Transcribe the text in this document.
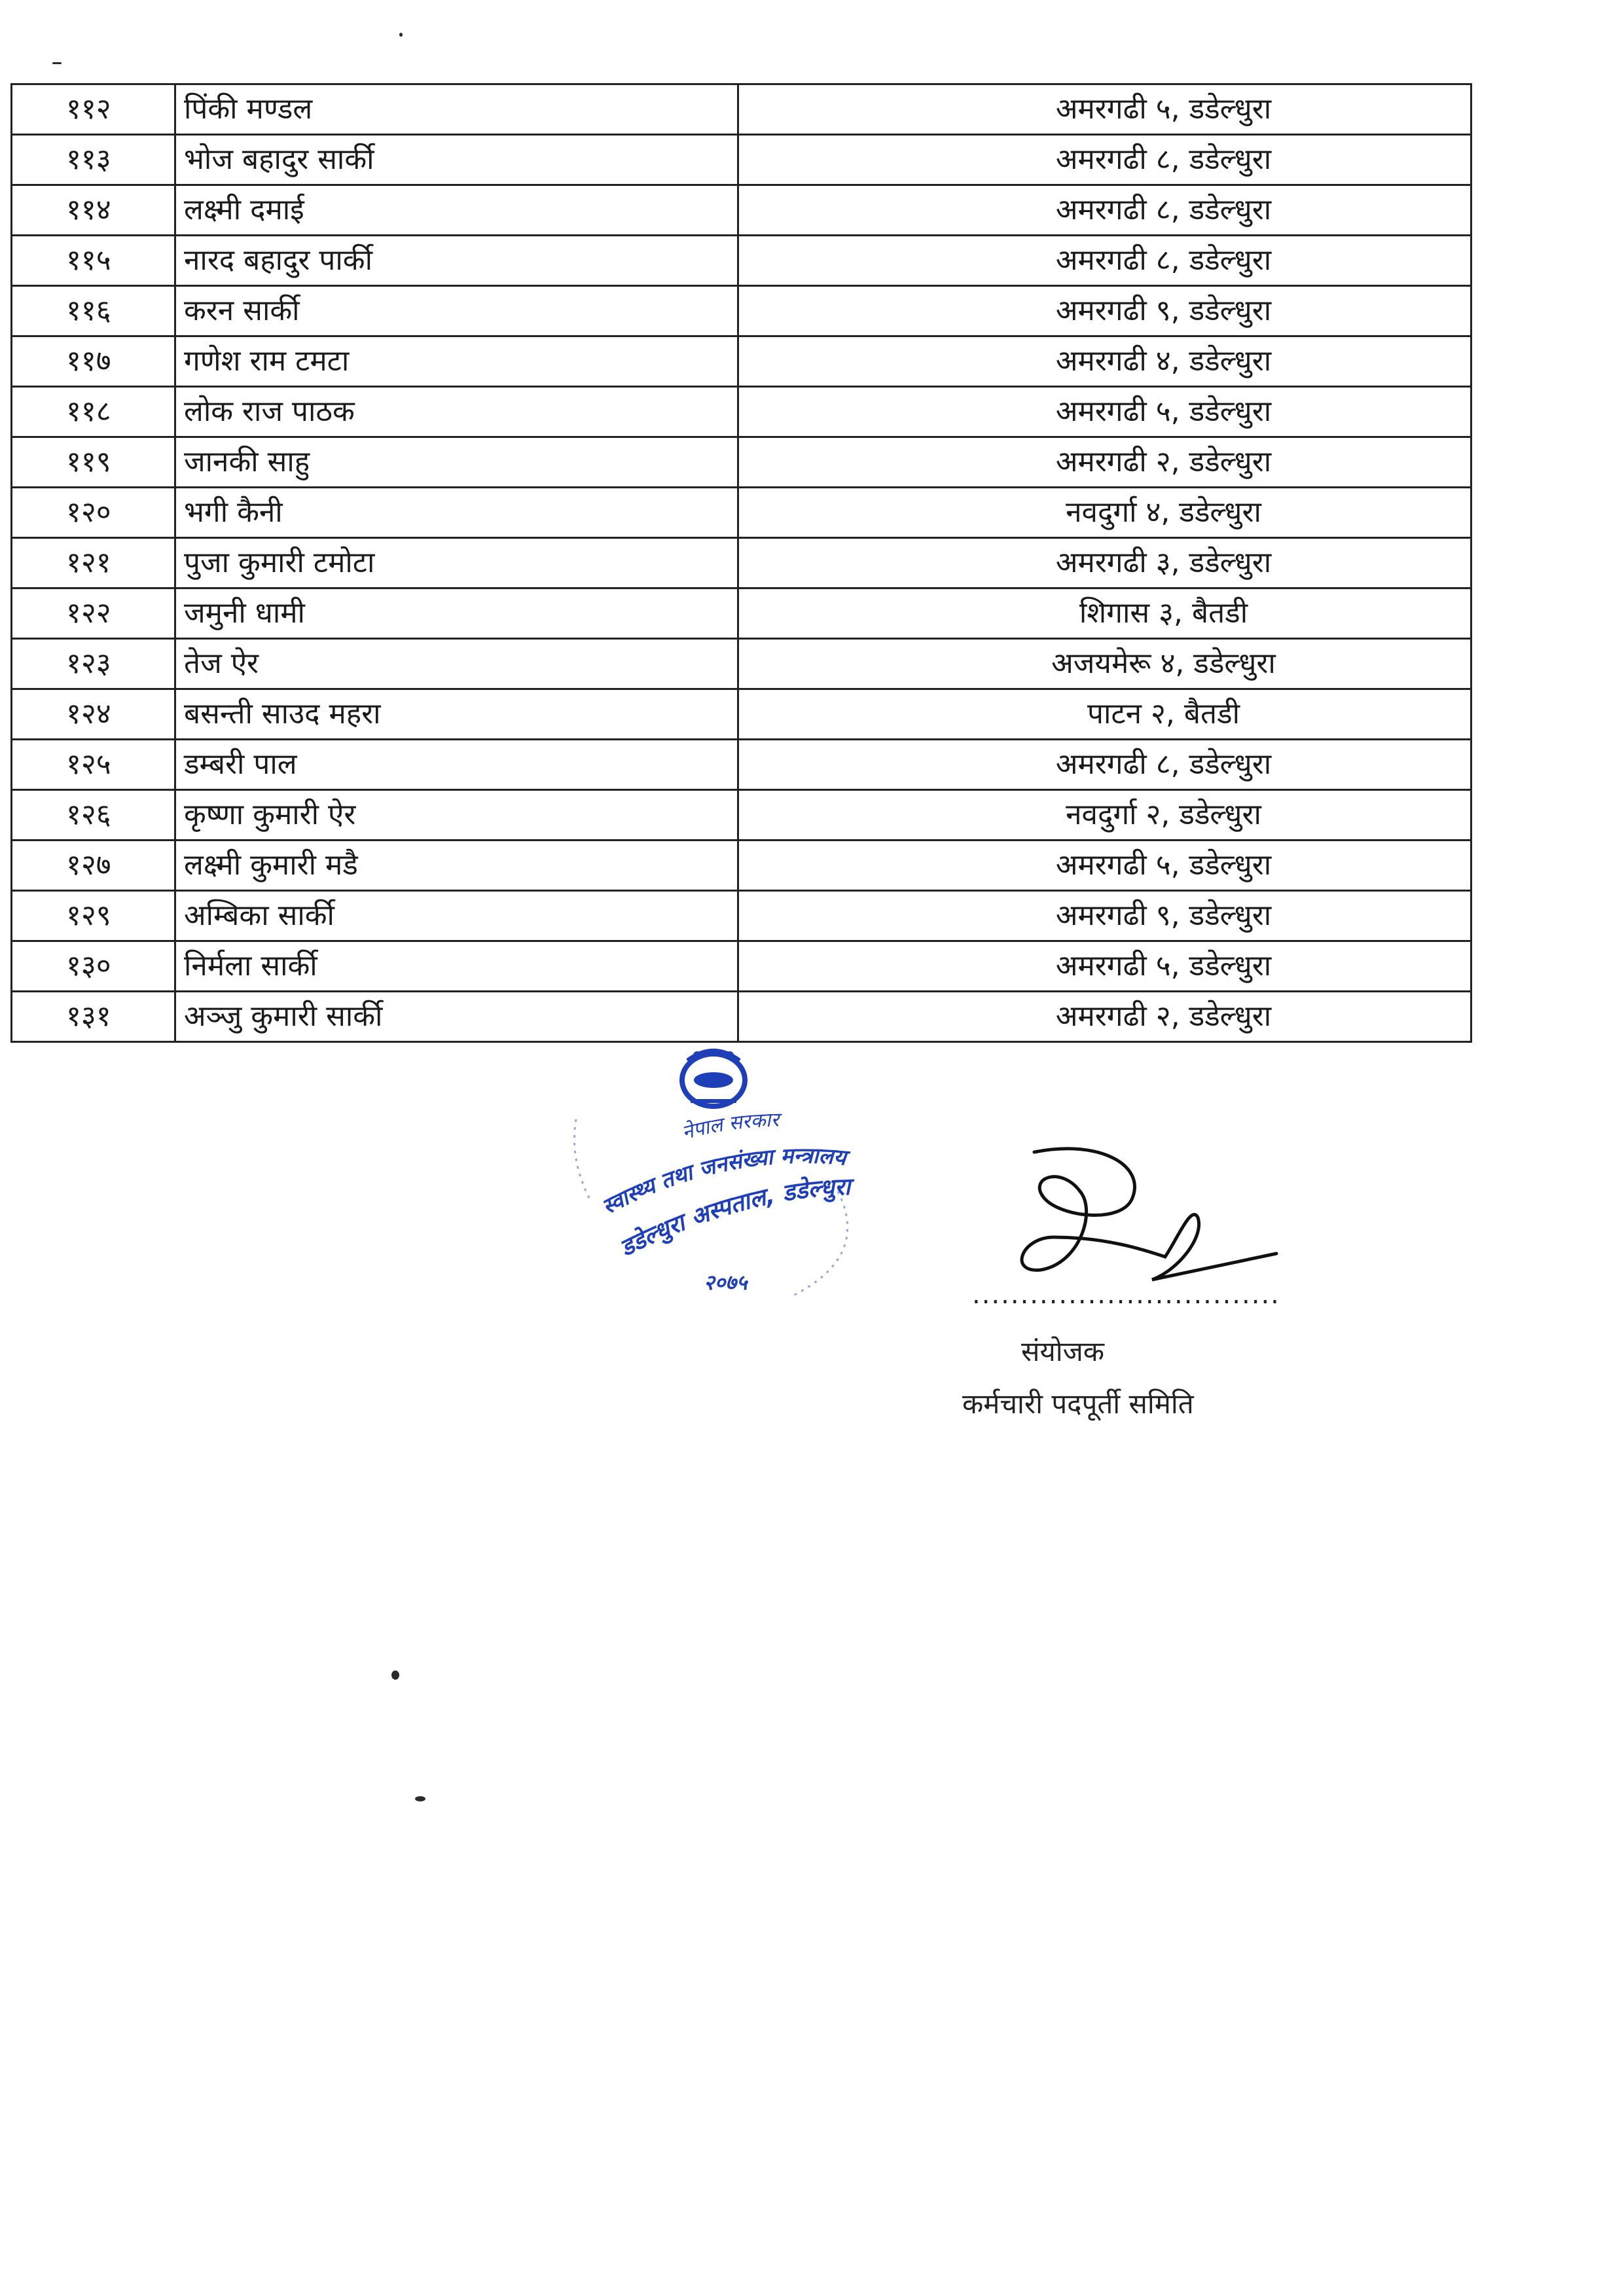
११२	पिंकी मण्डल	अमरगढी ५, डडेल्धुरा
११३	भोज बहादुर सार्की	अमरगढी ८, डडेल्धुरा
११४	लक्ष्मी दमाई	अमरगढी ८, डडेल्धुरा
११५	नारद बहादुर पार्की	अमरगढी ८, डडेल्धुरा
११६	करन सार्की	अमरगढी ९, डडेल्धुरा
११७	गणेश राम टमटा	अमरगढी ४, डडेल्धुरा
११८	लोक राज पाठक	अमरगढी ५, डडेल्धुरा
११९	जानकी साहु	अमरगढी २, डडेल्धुरा
१२०	भगी कैनी	नवदुर्गा ४, डडेल्धुरा
१२१	पुजा कुमारी टमोटा	अमरगढी ३, डडेल्धुरा
१२२	जमुनी धामी	शिगास ३, बैतडी
१२३	तेज ऐर	अजयमेरू ४, डडेल्धुरा
१२४	बसन्ती साउद महरा	पाटन २, बैतडी
१२५	डम्बरी पाल	अमरगढी ८, डडेल्धुरा
१२६	कृष्णा कुमारी ऐर	नवदुर्गा २, डडेल्धुरा
१२७	लक्ष्मी कुमारी मडै	अमरगढी ५, डडेल्धुरा
१२९	अम्बिका सार्की	अमरगढी ९, डडेल्धुरा
१३०	निर्मला सार्की	अमरगढी ५, डडेल्धुरा
१३१	अञ्जु कुमारी सार्की	अमरगढी २, डडेल्धुरा
नेपाल सरकार
स्वास्थ्य तथा जनसंख्या मन्त्रालय
डडेल्धुरा अस्पताल, डडेल्धुरा
२०७५	................................
संयोजक
कर्मचारी पदपूर्ती समिति
